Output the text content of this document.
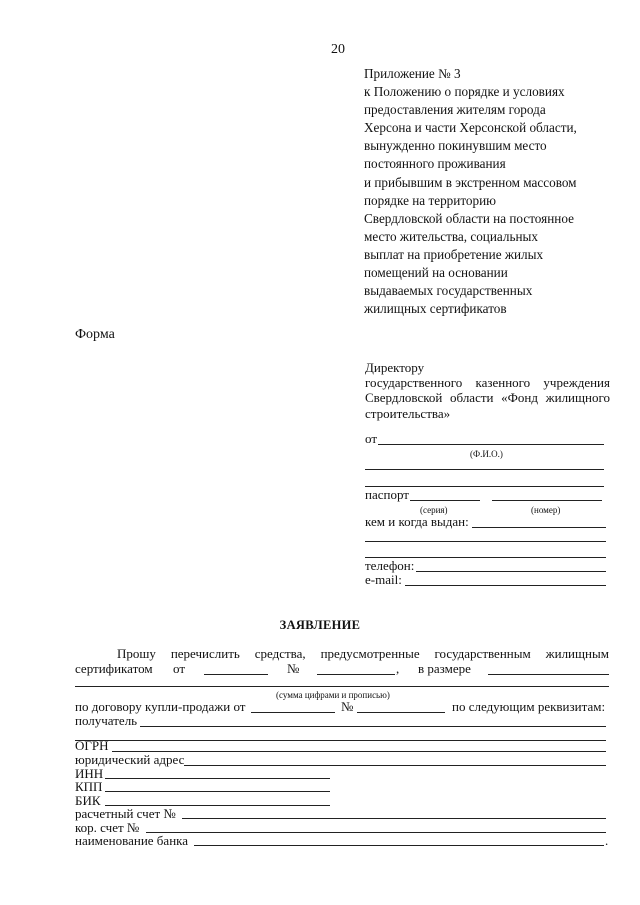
20
Приложение № 3
к Положению о порядке и условиях
предоставления жителям города
Херсона и части Херсонской области,
вынужденно покинувшим место
постоянного проживания
и прибывшим в экстренном массовом
порядке на территорию
Свердловской области на постоянное
место жительства, социальных
выплат на приобретение жилых
помещений на основании
выдаваемых государственных
жилищных сертификатов
Форма
Директору
государственного казенного учреждения
Свердловской области «Фонд жилищного
строительства»
от
(Ф.И.О.)
паспорт
(серия)	(номер)
кем и когда выдан:
телефон:
e-mail:
ЗАЯВЛЕНИЕ
Прошу перечислить средства, предусмотренные государственным жилищным
сертификатом от	№	, в размере
(сумма цифрами и прописью)
по договору купли-продажи от	№	по следующим реквизитам:
получатель
ОГРН
юридический адрес
ИНН
КПП
БИК
расчетный счет №
кор. счет №
наименование банка	.
